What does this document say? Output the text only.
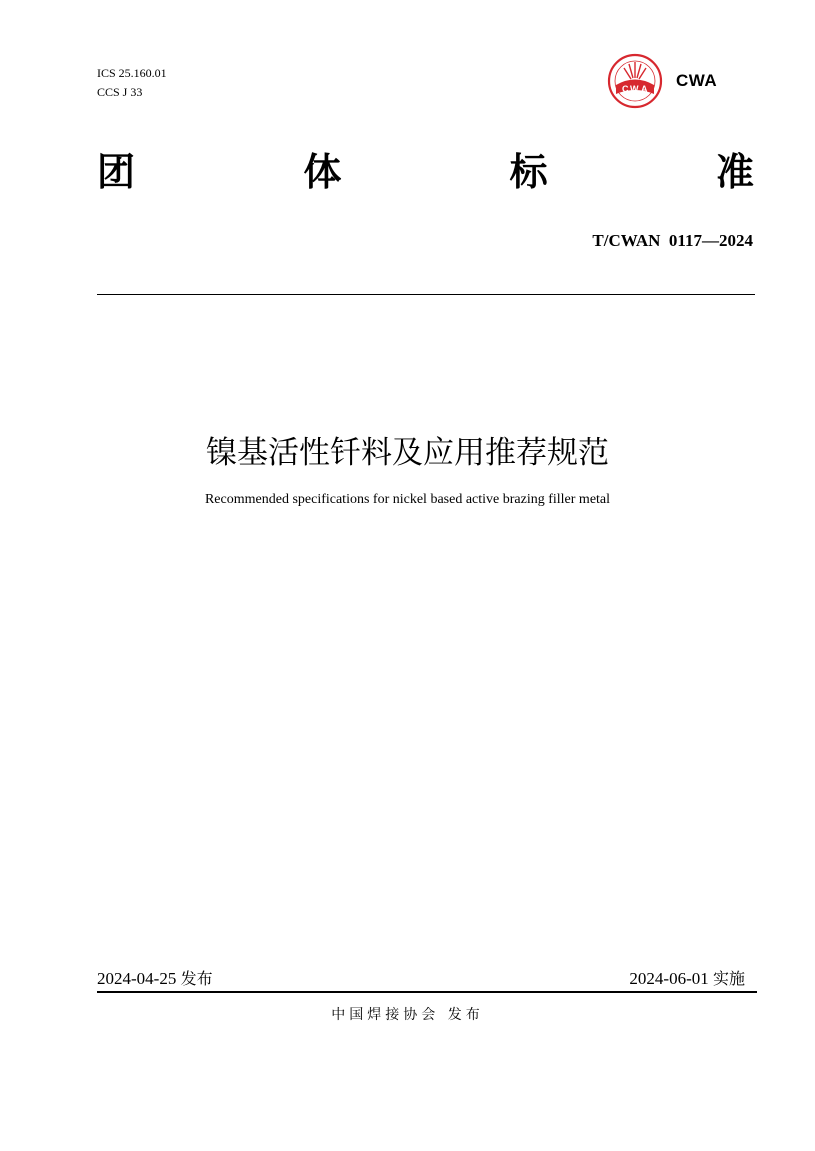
ICS 25.160.01
CCS J 33	C W A CWA
团	体	标	准
T/CWAN  0117—2024
镍基活性钎料及应用推荐规范
Recommended specifications for nickel based active brazing filler metal
2024-04-25 发布	2024-06-01 实施
中国焊接协会 发布
